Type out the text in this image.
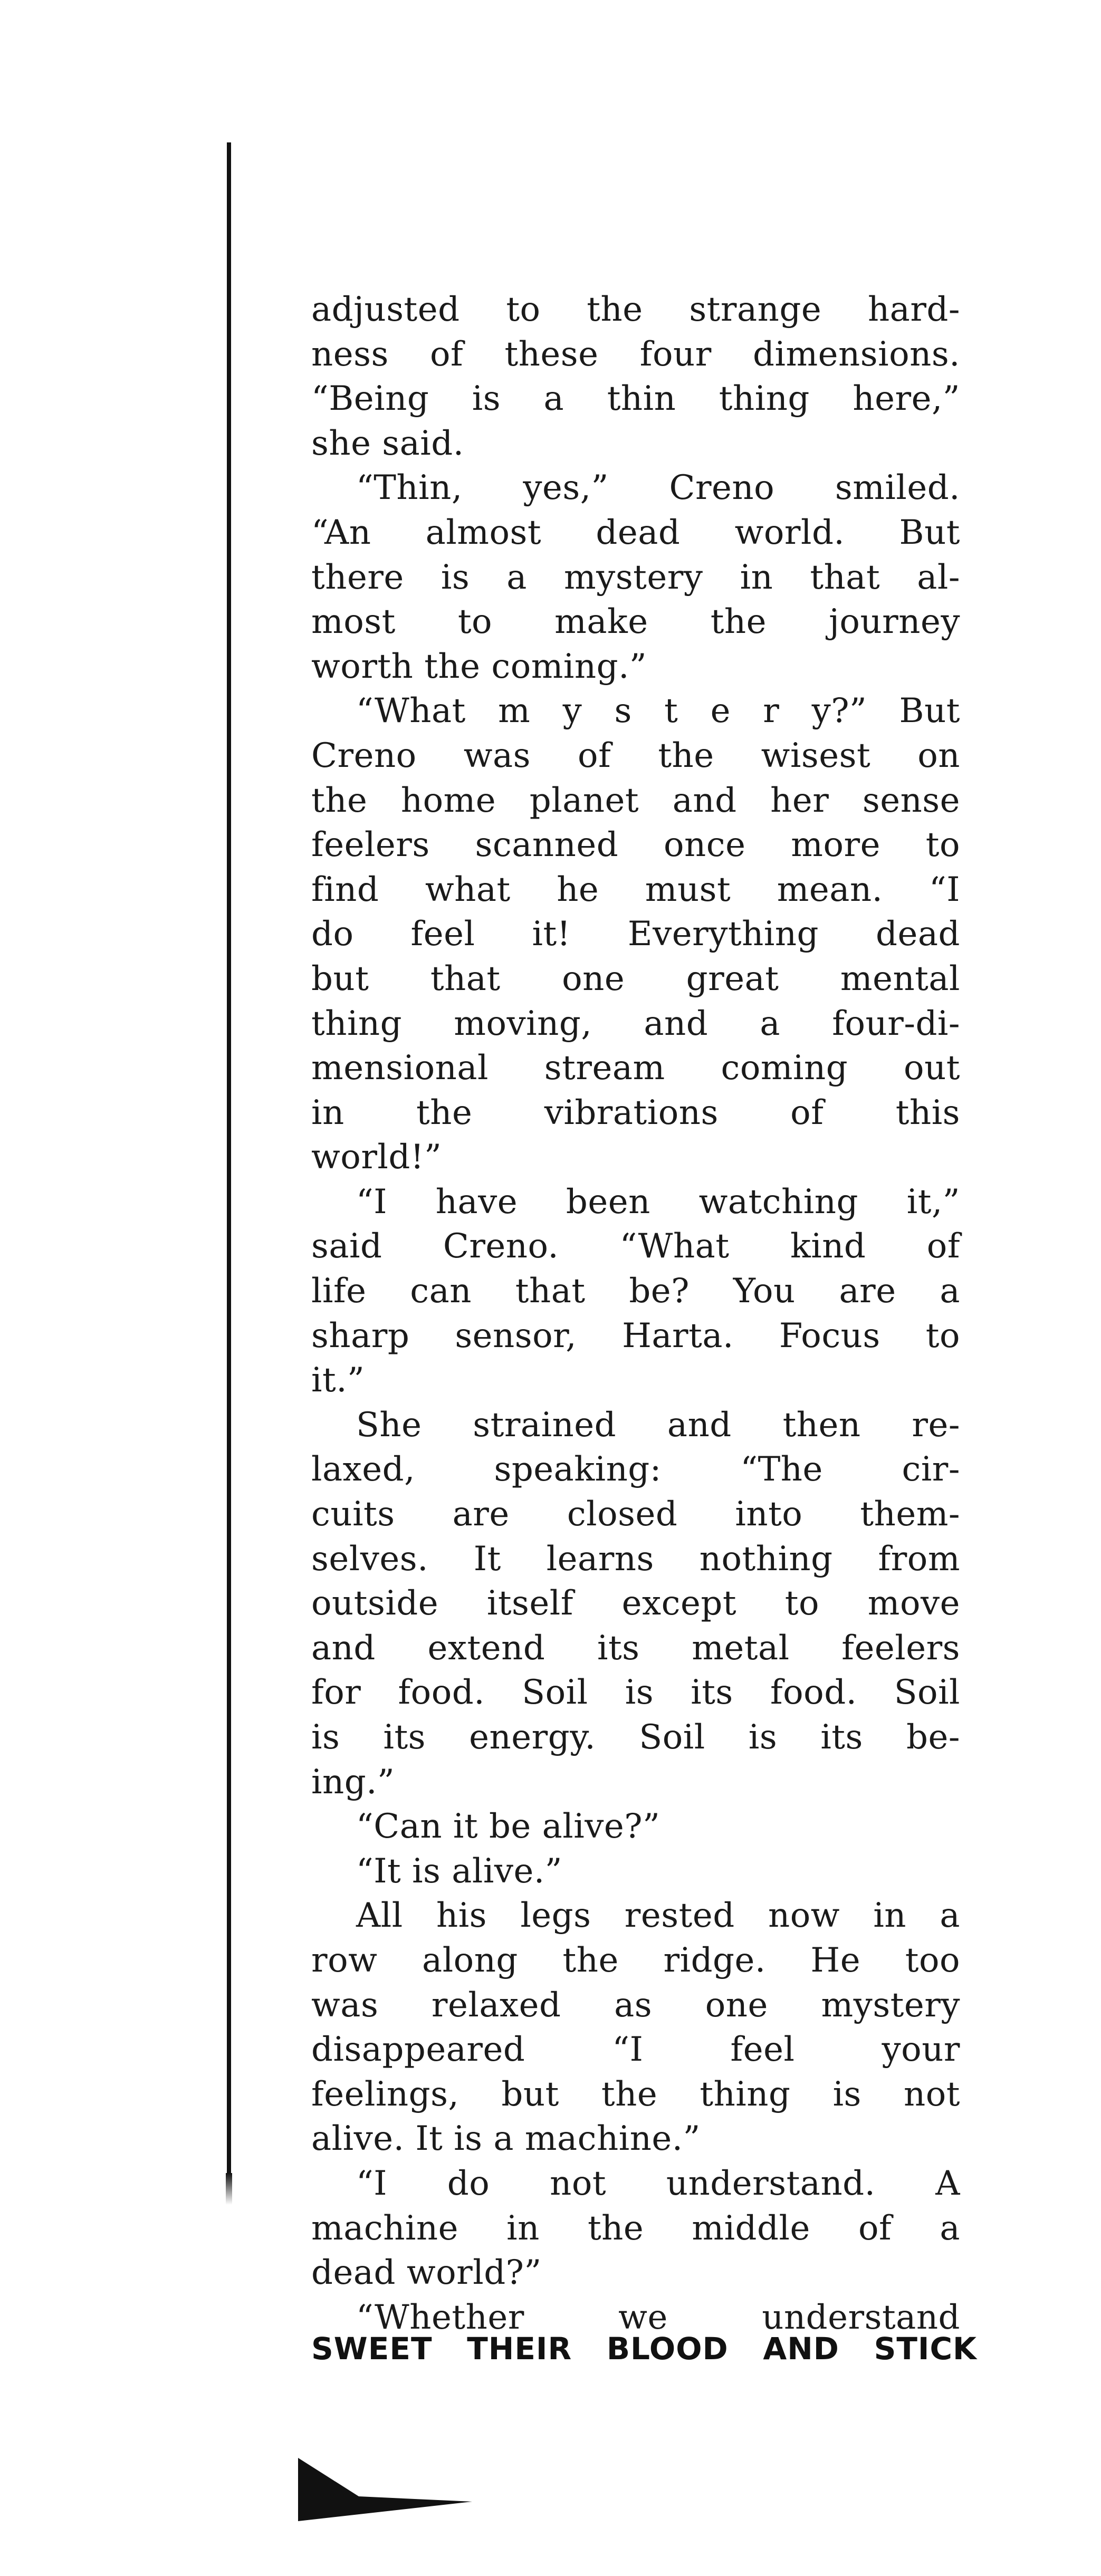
adjusted to the strange hard-
ness of these four dimensions.
“Being is a thin thing here,”
she said.
“Thin, yes,” Creno smiled.
“An almost dead world. But
there is a mystery in that al-
most to make the journey
worth the coming.”
“What m y s t e r y?” But
Creno was of the wisest on
the home planet and her sense
feelers scanned once more to
find what he must mean. “I
do feel it! Everything dead
but that one great mental
thing moving, and a four-di-
mensional stream coming out
in the vibrations of this
world!”
“I have been watching it,”
said Creno. “What kind of
life can that be? You are a
sharp sensor, Harta. Focus to
it.”
She strained and then re-
laxed, speaking: “The cir-
cuits are closed into them-
selves. It learns nothing from
outside itself except to move
and extend its metal feelers
for food. Soil is its food. Soil
is its energy. Soil is its be-
ing.”
“Can it be alive?”
“It is alive.”
All his legs rested now in a
row along the ridge. He too
was relaxed as one mystery
disappeared “I feel your
feelings, but the thing is not
alive. It is a machine.”
“I do not understand. A
machine in the middle of a
dead world?”
“Whether we understand
SWEET THEIR BLOOD AND STICK
